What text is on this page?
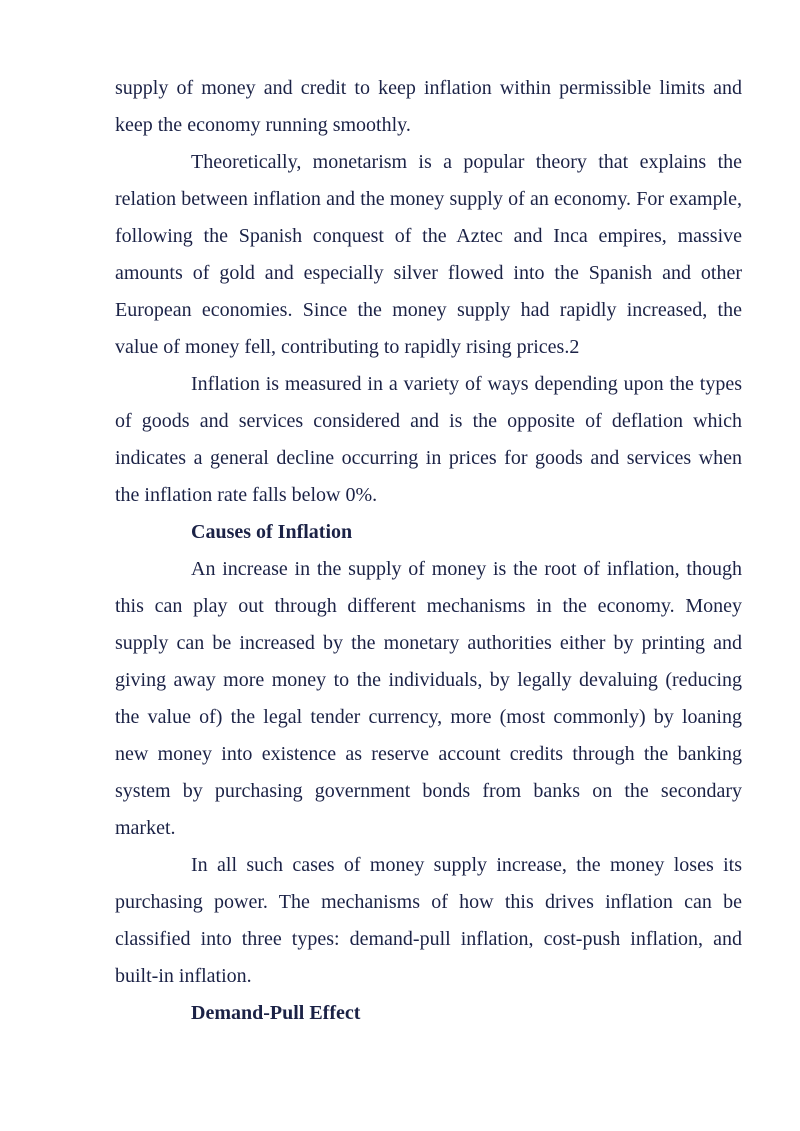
supply of money and credit to keep inflation within permissible limits and keep the economy running smoothly.

Theoretically, monetarism is a popular theory that explains the relation between inflation and the money supply of an economy. For example, following the Spanish conquest of the Aztec and Inca empires, massive amounts of gold and especially silver flowed into the Spanish and other European economies. Since the money supply had rapidly increased, the value of money fell, contributing to rapidly rising prices.2

Inflation is measured in a variety of ways depending upon the types of goods and services considered and is the opposite of deflation which indicates a general decline occurring in prices for goods and services when the inflation rate falls below 0%.

Causes of Inflation

An increase in the supply of money is the root of inflation, though this can play out through different mechanisms in the economy. Money supply can be increased by the monetary authorities either by printing and giving away more money to the individuals, by legally devaluing (reducing the value of) the legal tender currency, more (most commonly) by loaning new money into existence as reserve account credits through the banking system by purchasing government bonds from banks on the secondary market.

In all such cases of money supply increase, the money loses its purchasing power. The mechanisms of how this drives inflation can be classified into three types: demand-pull inflation, cost-push inflation, and built-in inflation.

Demand-Pull Effect
